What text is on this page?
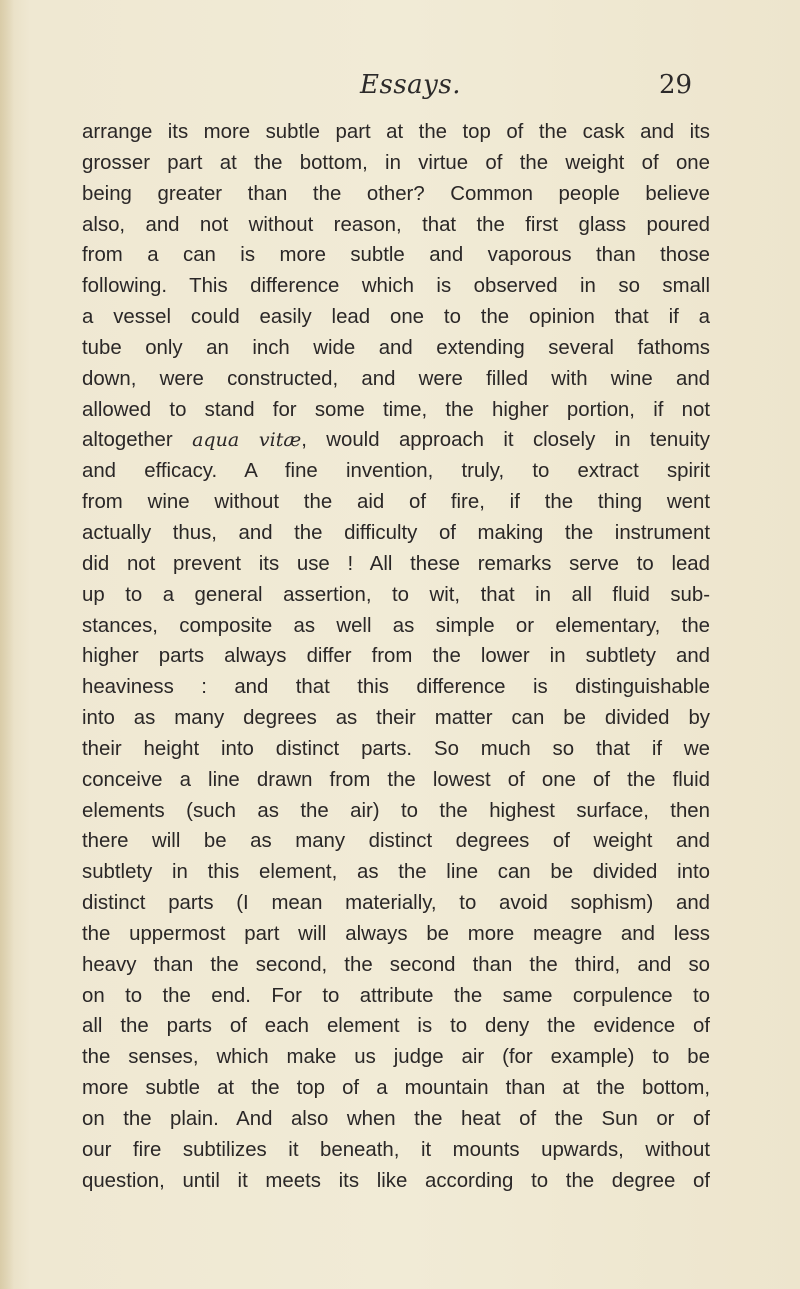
Essays.	29
arrange its more subtle part at the top of the cask and its
grosser part at the bottom, in virtue of the weight of one
being greater than the other? Common people believe
also, and not without reason, that the first glass poured
from a can is more subtle and vaporous than those
following. This difference which is observed in so small
a vessel could easily lead one to the opinion that if a
tube only an inch wide and extending several fathoms
down, were constructed, and were filled with wine and
allowed to stand for some time, the higher portion, if not
altogether aqua vitæ, would approach it closely in tenuity
and efficacy. A fine invention, truly, to extract spirit
from wine without the aid of fire, if the thing went
actually thus, and the difficulty of making the instrument
did not prevent its use ! All these remarks serve to lead
up to a general assertion, to wit, that in all fluid sub-
stances, composite as well as simple or elementary, the
higher parts always differ from the lower in subtlety and
heaviness : and that this difference is distinguishable
into as many degrees as their matter can be divided by
their height into distinct parts. So much so that if we
conceive a line drawn from the lowest of one of the fluid
elements (such as the air) to the highest surface, then
there will be as many distinct degrees of weight and
subtlety in this element, as the line can be divided into
distinct parts (I mean materially, to avoid sophism) and
the uppermost part will always be more meagre and less
heavy than the second, the second than the third, and so
on to the end. For to attribute the same corpulence to
all the parts of each element is to deny the evidence of
the senses, which make us judge air (for example) to be
more subtle at the top of a mountain than at the bottom,
on the plain. And also when the heat of the Sun or of
our fire subtilizes it beneath, it mounts upwards, without
question, until it meets its like according to the degree of
